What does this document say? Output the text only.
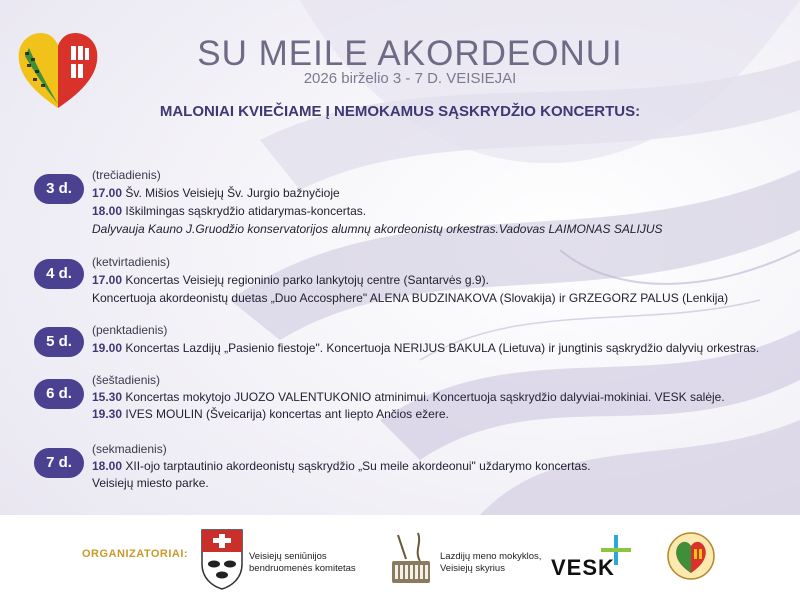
SU MEILE AKORDEONUI
2026 birželio 3 - 7 D. VEISIEJAI
MALONIAI KVIEČIAME Į NEMOKAMUS SĄSKRYDŽIO KONCERTUS:
3 d.
(trečiadienis)
17.00 Šv. Mišios Veisiejų Šv. Jurgio bažnyčioje
18.00 Iškilmingas sąskrydžio atidarymas-koncertas.
Dalyvauja Kauno J.Gruodžio konservatorijos alumnų akordeonistų orkestras.Vadovas LAIMONAS SALIJUS
4 d.
(ketvirtadienis)
17.00 Koncertas Veisiejų regioninio parko lankytojų centre (Santarvės g.9).
Koncertuoja akordeonistų duetas „Duo Accosphere" ALENA BUDZINAKOVA (Slovakija) ir GRZEGORZ PALUS (Lenkija)
5 d.
(penktadienis)
19.00 Koncertas Lazdijų „Pasienio fiestoje". Koncertuoja NERIJUS BAKULA (Lietuva) ir jungtinis sąskrydžio dalyvių orkestras.
6 d.
(šeštadienis)
15.30 Koncertas mokytojo JUOZO VALENTUKONIO atminimui. Koncertuoja sąskrydžio dalyviai-mokiniai. VESK salėje.
19.30 IVES MOULIN (Šveicarija) koncertas ant liepto Ančios ežere.
7 d.
(sekmadienis)
18.00 XII-ojo tarptautinio akordeonistų sąskrydžio „Su meile akordeonui" uždarymo koncertas.
Veisiejų miesto parke.
ORGANIZATORIAI:	Veisiejų seniūnijos
bendruomenės komitetas
Lazdijų meno mokyklos,
Veisiejų skyrius	VESK
